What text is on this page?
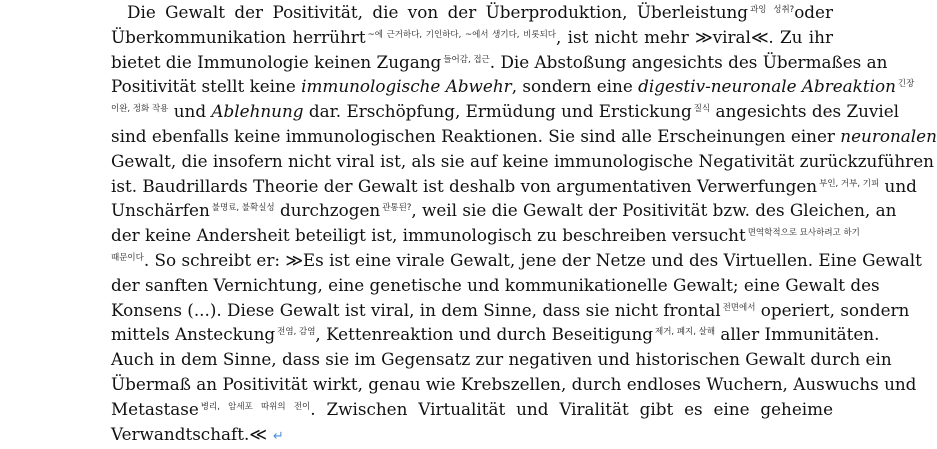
Die Gewalt der Positivität, die von der Überproduktion, Überleistung $^{과잉 성취?}$oder
Überkommunikation herrührt $^{\sim 에 근거하다, 기인하다, \sim 에서 생기다, 비롯되다}$, ist nicht mehr ≫viral≪. Zu ihr
bietet die Immunologie keinen Zugang $^{들어감, 접근}$. Die Abstoßung angesichts des Übermaßes an
Positivität stellt keine immunologische Abwehr, sondern eine digestiv-neuronale Abreaktion $^{긴장}$
$^{이완, 정화 작용}$ und Ablehnung dar. Erschöpfung, Ermüdung und Erstickung $^{질식}$ angesichts des Zuviel
sind ebenfalls keine immunologischen Reaktionen. Sie sind alle Erscheinungen einer neuronalen
Gewalt, die insofern nicht viral ist, als sie auf keine immunologische Negativität zurückzuführen
ist. Baudrillards Theorie der Gewalt ist deshalb von argumentativen Verwerfungen $^{부인, 거부, 기피}$ und
Unschärfen $^{불명료, 불확실성}$ durchzogen $^{관통된?}$, weil sie die Gewalt der Positivität bzw. des Gleichen, an
der keine Andersheit beteiligt ist, immunologisch zu beschreiben versucht $^{면역학적으로 묘사하려고 하기}$
$^{때문이다}$. So schreibt er: ≫Es ist eine virale Gewalt, jene der Netze und des Virtuellen. Eine Gewalt
der sanften Vernichtung, eine genetische und kommunikationelle Gewalt; eine Gewalt des
Konsens (...). Diese Gewalt ist viral, in dem Sinne, dass sie nicht frontal $^{전면에서}$ operiert, sondern
mittels Ansteckung $^{전염, 감염}$, Kettenreaktion und durch Beseitigung $^{제거, 폐지, 살해}$ aller Immunitäten.
Auch in dem Sinne, dass sie im Gegensatz zur negativen und historischen Gewalt durch ein
Übermaß an Positivität wirkt, genau wie Krebszellen, durch endloses Wuchern, Auswuchs und
Metastase $^{병리, 암세포 따위의 전이}$. Zwischen Virtualität und Viralität gibt es eine geheime
Verwandtschaft.≪ ↵
